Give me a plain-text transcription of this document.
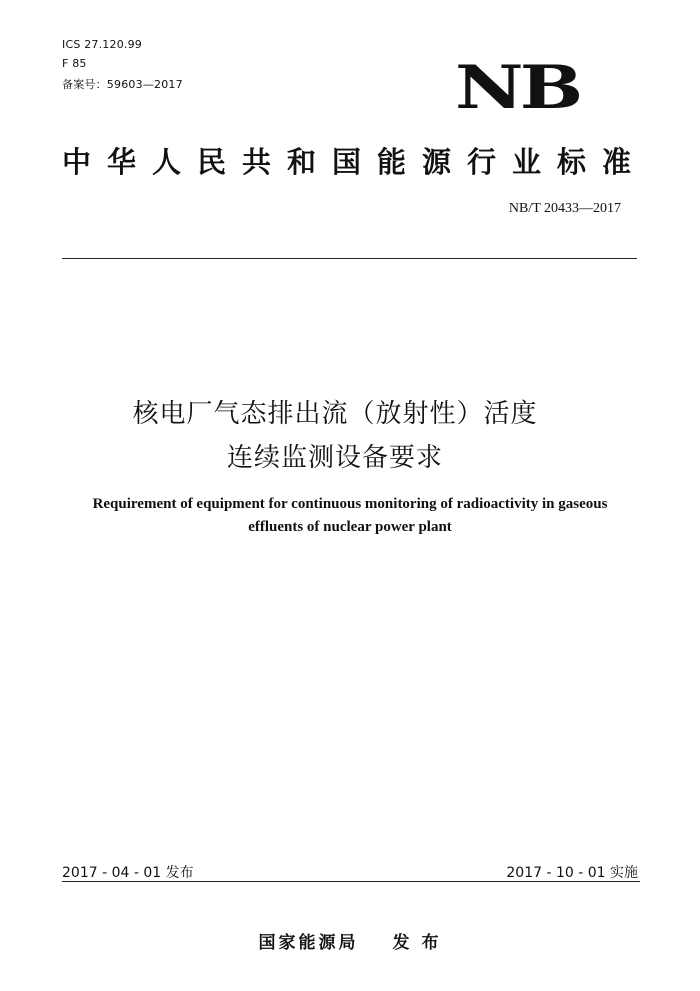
ICS 27.120.99
F 85
备案号：59603—2017	NB
中华人民共和国能源行业标准
NB/T 20433—2017
核电厂气态排出流（放射性）活度
连续监测设备要求
Requirement of equipment for continuous monitoring of radioactivity in gaseous
effluents of nuclear power plant
2017 - 04 - 01 发布	2017 - 10 - 01 实施
国家能源局 发 布
